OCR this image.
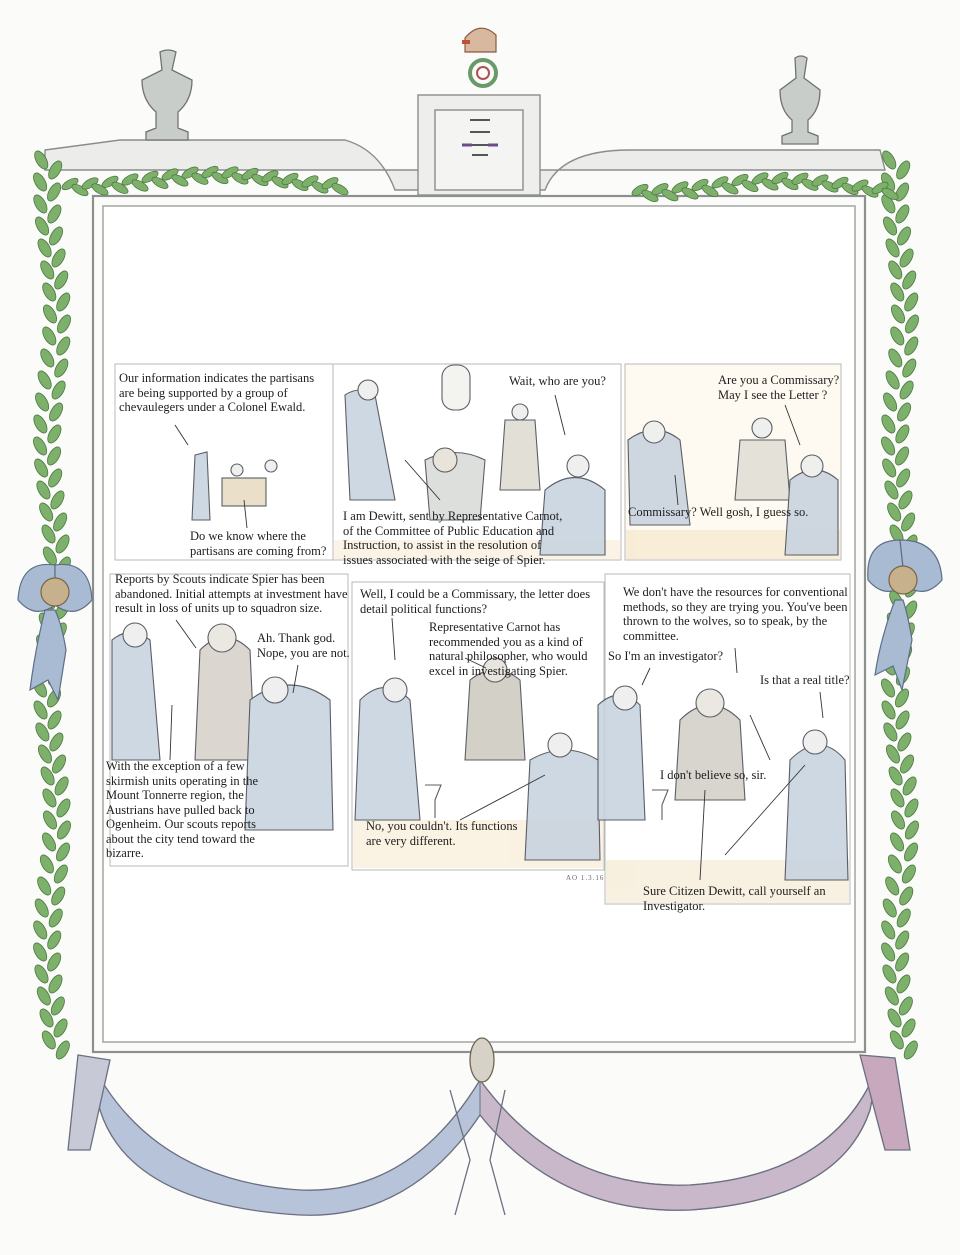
Our information indicates the partisans
are being supported by a group of
chevaulegers under a Colonel Ewald.
Do we know where the
partisans are coming from?
Wait, who are you?
I am Dewitt, sent by Representative Carnot,
of the Committee of Public Education and
Instruction, to assist in the resolution of
issues associated with the seige of Spier.
Are you a Commissary?
May I see the Letter ?
Commissary? Well gosh, I guess so.
Reports by Scouts indicate Spier has been
abandoned. Initial attempts at investment have
result in loss of units up to squadron size.
Ah. Thank god.
Nope, you are not.
With the exception of a few
skirmish units operating in the
Mount Tonnerre region, the
Austrians have pulled back to
Ogenheim. Our scouts reports
about the city tend toward the
bizarre.
Well, I could be a Commissary, the letter does
detail political functions?
Representative Carnot has
recommended you as a kind of
natural philosopher, who would
excel in investigating Spier.
No, you couldn't. Its functions
are very different.
We don't have the resources for conventional
methods, so they are trying you. You've been
thrown to the wolves, so to speak, by the
committee.
So I'm an investigator?
Is that a real title?
I don't believe so, sir.
Sure Citizen Dewitt, call yourself an
Investigator.
AO 1.3.16
